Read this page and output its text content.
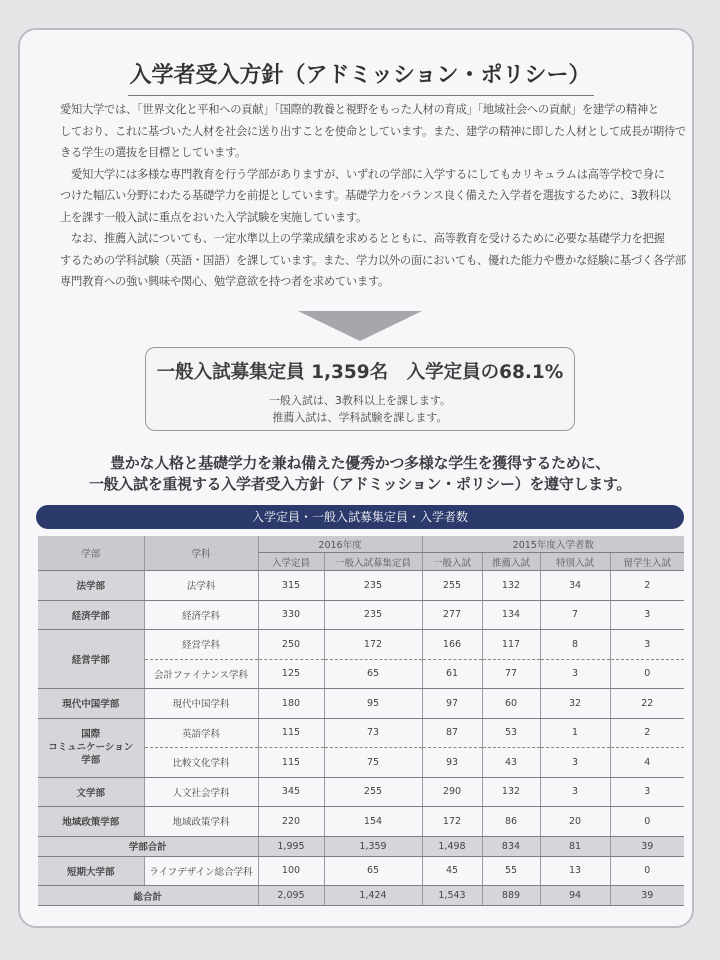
入学者受入方針（アドミッション・ポリシー）
愛知大学では、「世界文化と平和への貢献」「国際的教養と視野をもった人材の育成」「地域社会への貢献」を建学の精神と
しており、これに基づいた人材を社会に送り出すことを使命としています。また、建学の精神に即した人材として成長が期待で
きる学生の選抜を目標としています。
　愛知大学には多様な専門教育を行う学部がありますが、いずれの学部に入学するにしてもカリキュラムは高等学校で身に
つけた幅広い分野にわたる基礎学力を前提としています。基礎学力をバランス良く備えた入学者を選抜するために、3教科以
上を課す一般入試に重点をおいた入学試験を実施しています。
　なお、推薦入試についても、一定水準以上の学業成績を求めるとともに、高等教育を受けるために必要な基礎学力を把握
するための学科試験（英語・国語）を課しています。また、学力以外の面においても、優れた能力や豊かな経験に基づく各学部
専門教育への強い興味や関心、勉学意欲を持つ者を求めています。
一般入試募集定員 1,359名　入学定員の68.1%
一般入試は、3教科以上を課します。
推薦入試は、学科試験を課します。
豊かな人格と基礎学力を兼ね備えた優秀かつ多様な学生を獲得するために、
一般入試を重視する入学者受入方針（アドミッション・ポリシー）を遵守します。
入学定員・一般入試募集定員・入学者数
学部	学科	2016年度		2015年度入学者数			
		入学定員	一般入試募集定員	一般入試	推薦入試	特別入試	留学生入試
法学部	法学科	315	235	255	132	34	2
経済学部	経済学科	330	235	277	134	7	3
経営学部	経営学科	250	172	166	117	8	3
	会計ファイナンス学科	125	65	61	77	3	0
現代中国学部	現代中国学科	180	95	97	60	32	22
国際
コミュニケーション
学部	英語学科	115	73	87	53	1	2
	比較文化学科	115	75	93	43	3	4
文学部	人文社会学科	345	255	290	132	3	3
地域政策学部	地域政策学科	220	154	172	86	20	0
学部合計		1,995	1,359	1,498	834	81	39
短期大学部	ライフデザイン総合学科	100	65	45	55	13	0
総合計		2,095	1,424	1,543	889	94	39
